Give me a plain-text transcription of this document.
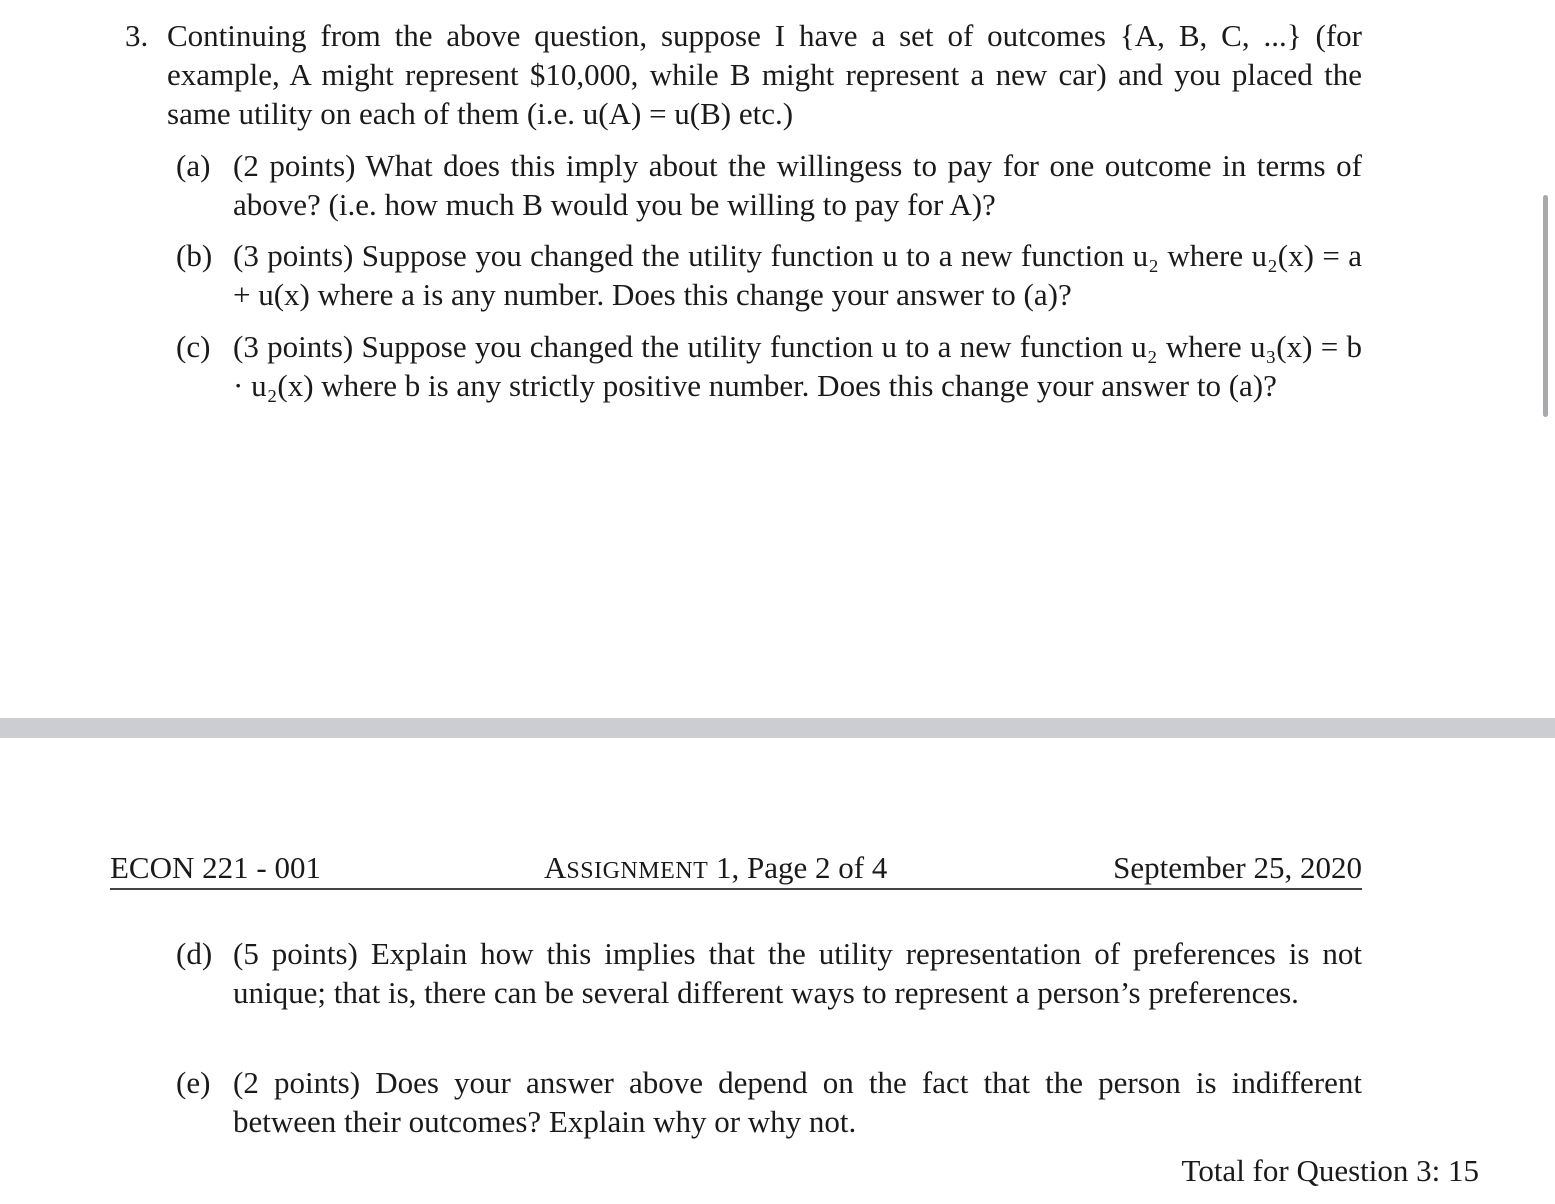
3. Continuing from the above question, suppose I have a set of outcomes {A, B, C, ...} (for example, A might represent $10,000, while B might represent a new car) and you placed the same utility on each of them (i.e. u(A) = u(B) etc.)
(a) (2 points) What does this imply about the willingess to pay for one outcome in terms of above? (i.e. how much B would you be willing to pay for A)?
(b) (3 points) Suppose you changed the utility function u to a new function u₂ where u₂(x) = a + u(x) where a is any number. Does this change your answer to (a)?
(c) (3 points) Suppose you changed the utility function u to a new function u₂ where u₃(x) = b · u₂(x) where b is any strictly positive number. Does this change your answer to (a)?
ECON 221 - 001	ASSIGNMENT 1, Page 2 of 4	September 25, 2020
(d) (5 points) Explain how this implies that the utility representation of preferences is not unique; that is, there can be several different ways to represent a person’s preferences.
(e) (2 points) Does your answer above depend on the fact that the person is indifferent between their outcomes? Explain why or why not.
Total for Question 3: 15
